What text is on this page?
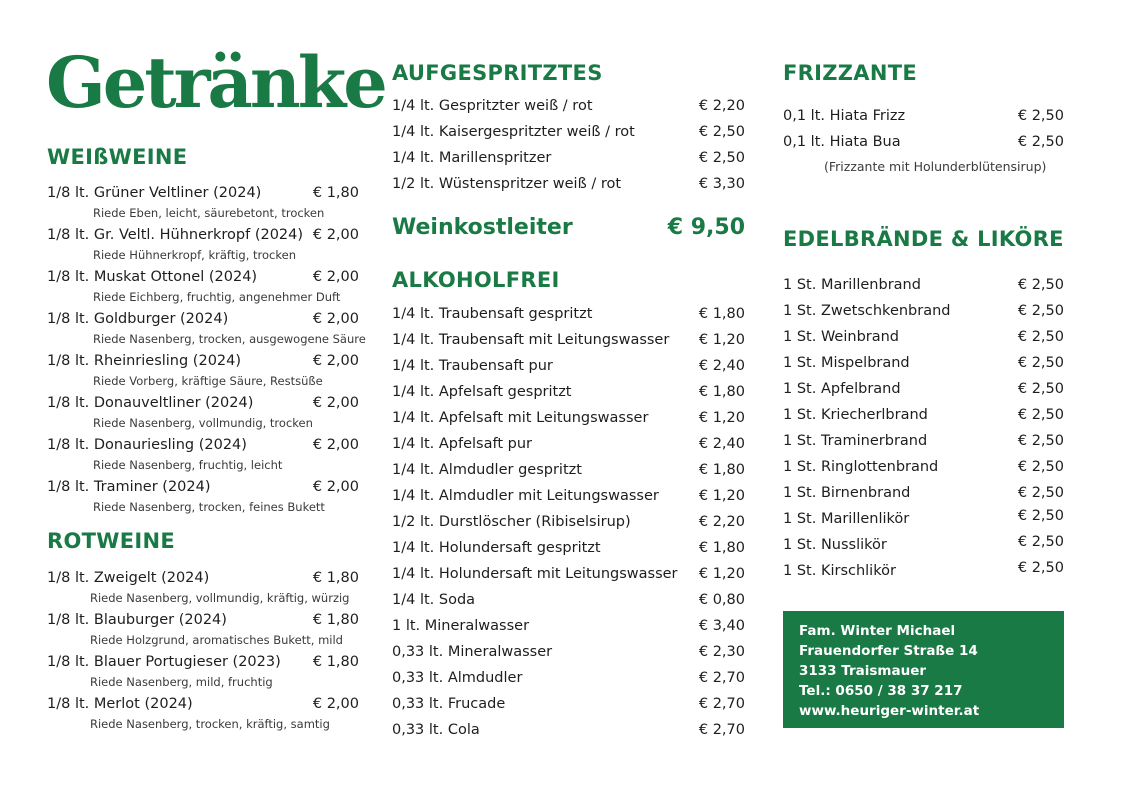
Getränke
WEIßWEINE
1/8 lt. Grüner Veltliner (2024)	€ 1,80
Riede Eben, leicht, säurebetont, trocken
1/8 lt. Gr. Veltl. Hühnerkropf (2024) € 2,00
Riede Hühnerkropf, kräftig, trocken
1/8 lt. Muskat Ottonel (2024)	€ 2,00
Riede Eichberg, fruchtig, angenehmer Duft
1/8 lt. Goldburger (2024)	€ 2,00
Riede Nasenberg, trocken, ausgewogene Säure
1/8 lt. Rheinriesling (2024)	€ 2,00
Riede Vorberg, kräftige Säure, Restsüße
1/8 lt. Donauveltliner (2024)	€ 2,00
Riede Nasenberg, vollmundig, trocken
1/8 lt. Donauriesling (2024)	€ 2,00
Riede Nasenberg, fruchtig, leicht
1/8 lt. Traminer (2024)	€ 2,00
Riede Nasenberg, trocken, feines Bukett
ROTWEINE
1/8 lt. Zweigelt (2024)	€ 1,80
Riede Nasenberg, vollmundig, kräftig, würzig
1/8 lt. Blauburger (2024)	€ 1,80
Riede Holzgrund, aromatisches Bukett, mild
1/8 lt. Blauer Portugieser (2023) € 1,80
Riede Nasenberg, mild, fruchtig
1/8 lt. Merlot (2024)	€ 2,00
Riede Nasenberg, trocken, kräftig, samtig
AUFGESPRITZTES
1/4 lt. Gespritzter weiß / rot	€ 2,20
1/4 lt. Kaisergespritzter weiß / rot	€ 2,50
1/4 lt. Marillenspritzer	€ 2,50
1/2 lt. Wüstenspritzer weiß / rot	€ 3,30
Weinkostleiter	€ 9,50
ALKOHOLFREI
1/4 lt. Traubensaft gespritzt	€ 1,80
1/4 lt. Traubensaft mit Leitungswasser € 1,20
1/4 lt. Traubensaft pur	€ 2,40
1/4 lt. Apfelsaft gespritzt	€ 1,80
1/4 lt. Apfelsaft mit Leitungswasser	€ 1,20
1/4 lt. Apfelsaft pur	€ 2,40
1/4 lt. Almdudler gespritzt	€ 1,80
1/4 lt. Almdudler mit Leitungswasser	€ 1,20
1/2 lt. Durstlöscher (Ribiselsirup)	€ 2,20
1/4 lt. Holundersaft gespritzt	€ 1,80
1/4 lt. Holundersaft mit Leitungswasser € 1,20
1/4 lt. Soda	€ 0,80
1 lt. Mineralwasser	€ 3,40
0,33 lt. Mineralwasser	€ 2,30
0,33 lt. Almdudler	€ 2,70
0,33 lt. Frucade	€ 2,70
0,33 lt. Cola	€ 2,70
FRIZZANTE
0,1 lt. Hiata Frizz	€ 2,50
0,1 lt. Hiata Bua	€ 2,50
(Frizzante mit Holunderblütensirup)
EDELBRÄNDE & LIKÖRE
1 St. Marillenbrand	€ 2,50
1 St. Zwetschkenbrand	€ 2,50
1 St. Weinbrand	€ 2,50
1 St. Mispelbrand	€ 2,50
1 St. Apfelbrand	€ 2,50
1 St. Kriecherlbrand	€ 2,50
1 St. Traminerbrand	€ 2,50
1 St. Ringlottenbrand	€ 2,50
1 St. Birnenbrand	€ 2,50
1 St. Marillenlikör	€ 2,50
1 St. Nusslikör	€ 2,50
1 St. Kirschlikör	€ 2,50
Fam. Winter Michael
Frauendorfer Straße 14
3133 Traismauer
Tel.: 0650 / 38 37 217
www.heuriger-winter.at
